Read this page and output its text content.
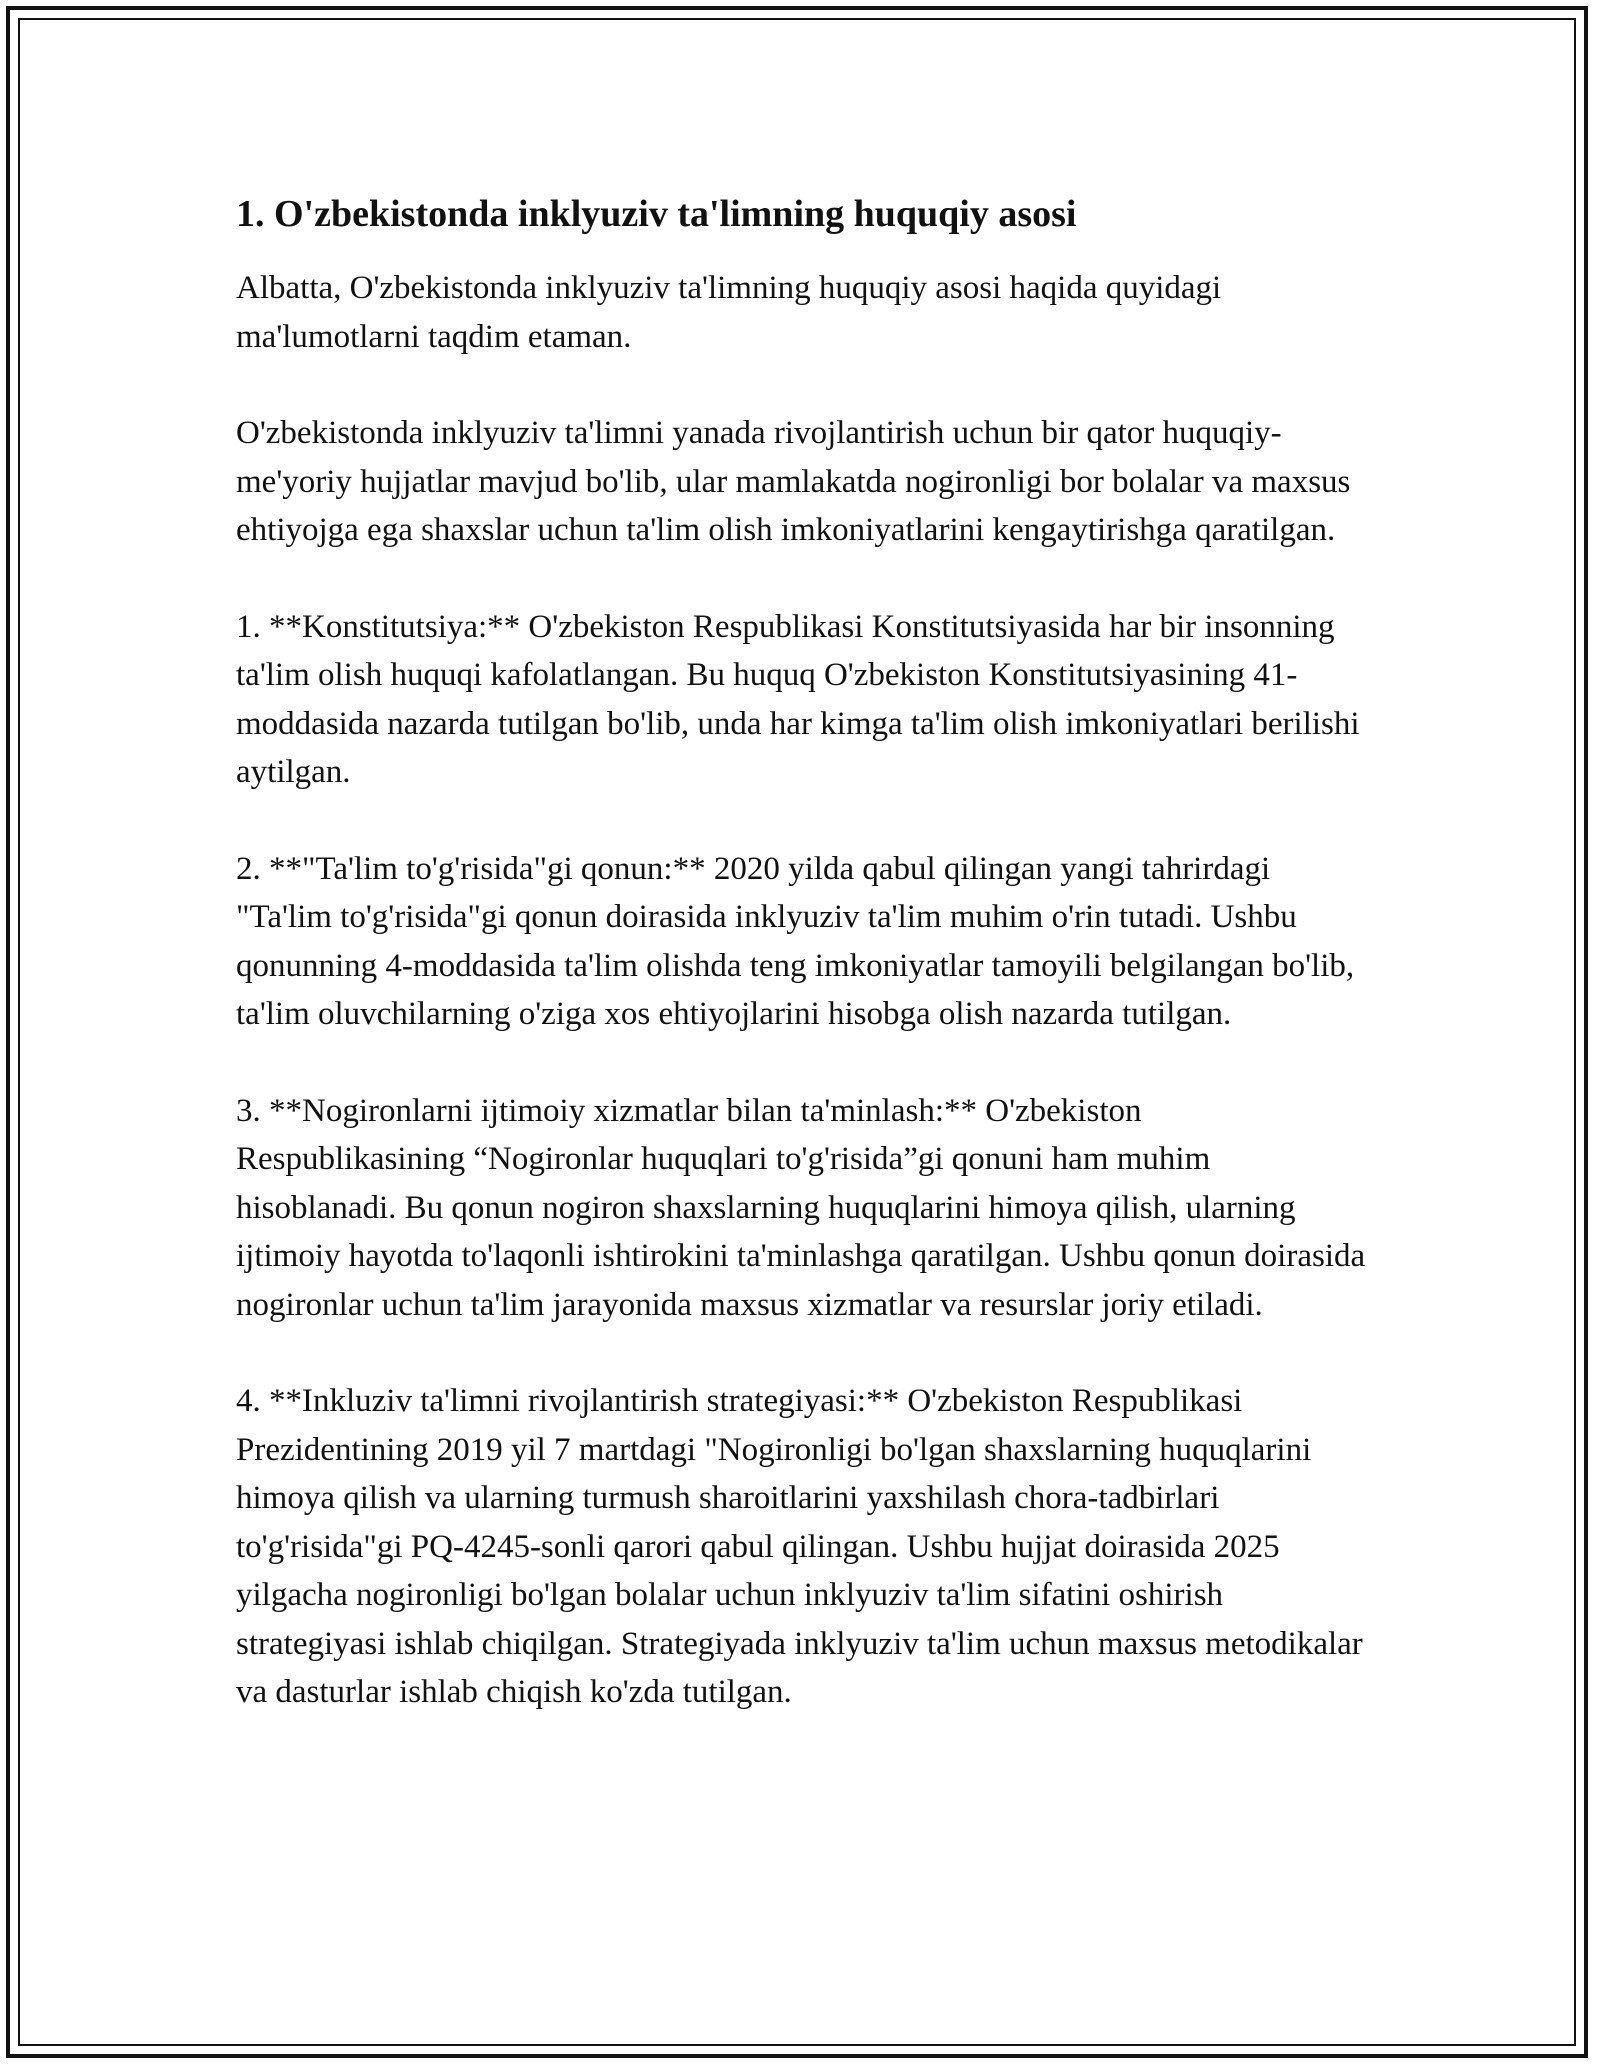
1. O'zbekistonda inklyuziv ta'limning huquqiy asosi

Albatta, O'zbekistonda inklyuziv ta'limning huquqiy asosi haqida quyidagi ma'lumotlarni taqdim etaman.

O'zbekistonda inklyuziv ta'limni yanada rivojlantirish uchun bir qator huquqiy-me'yoriy hujjatlar mavjud bo'lib, ular mamlakatda nogironligi bor bolalar va maxsus ehtiyojga ega shaxslar uchun ta'lim olish imkoniyatlarini kengaytirishga qaratilgan.

1. **Konstitutsiya:** O'zbekiston Respublikasi Konstitutsiyasida har bir insonning ta'lim olish huquqi kafolatlangan. Bu huquq O'zbekiston Konstitutsiyasining 41-moddasida nazarda tutilgan bo'lib, unda har kimga ta'lim olish imkoniyatlari berilishi aytilgan.

2. **"Ta'lim to'g'risida"gi qonun:** 2020 yilda qabul qilingan yangi tahrirdagi "Ta'lim to'g'risida"gi qonun doirasida inklyuziv ta'lim muhim o'rin tutadi. Ushbu qonunning 4-moddasida ta'lim olishda teng imkoniyatlar tamoyili belgilangan bo'lib, ta'lim oluvchilarning o'ziga xos ehtiyojlarini hisobga olish nazarda tutilgan.

3. **Nogironlarni ijtimoiy xizmatlar bilan ta'minlash:** O'zbekiston Respublikasining “Nogironlar huquqlari to'g'risida”gi qonuni ham muhim hisoblanadi. Bu qonun nogiron shaxslarning huquqlarini himoya qilish, ularning ijtimoiy hayotda to'laqonli ishtirokini ta'minlashga qaratilgan. Ushbu qonun doirasida nogironlar uchun ta'lim jarayonida maxsus xizmatlar va resurslar joriy etiladi.

4. **Inkluziv ta'limni rivojlantirish strategiyasi:** O'zbekiston Respublikasi Prezidentining 2019 yil 7 martdagi "Nogironligi bo'lgan shaxslarning huquqlarini himoya qilish va ularning turmush sharoitlarini yaxshilash chora-tadbirlari to'g'risida"gi PQ-4245-sonli qarori qabul qilingan. Ushbu hujjat doirasida 2025 yilgacha nogironligi bo'lgan bolalar uchun inklyuziv ta'lim sifatini oshirish strategiyasi ishlab chiqilgan. Strategiyada inklyuziv ta'lim uchun maxsus metodikalar va dasturlar ishlab chiqish ko'zda tutilgan.
